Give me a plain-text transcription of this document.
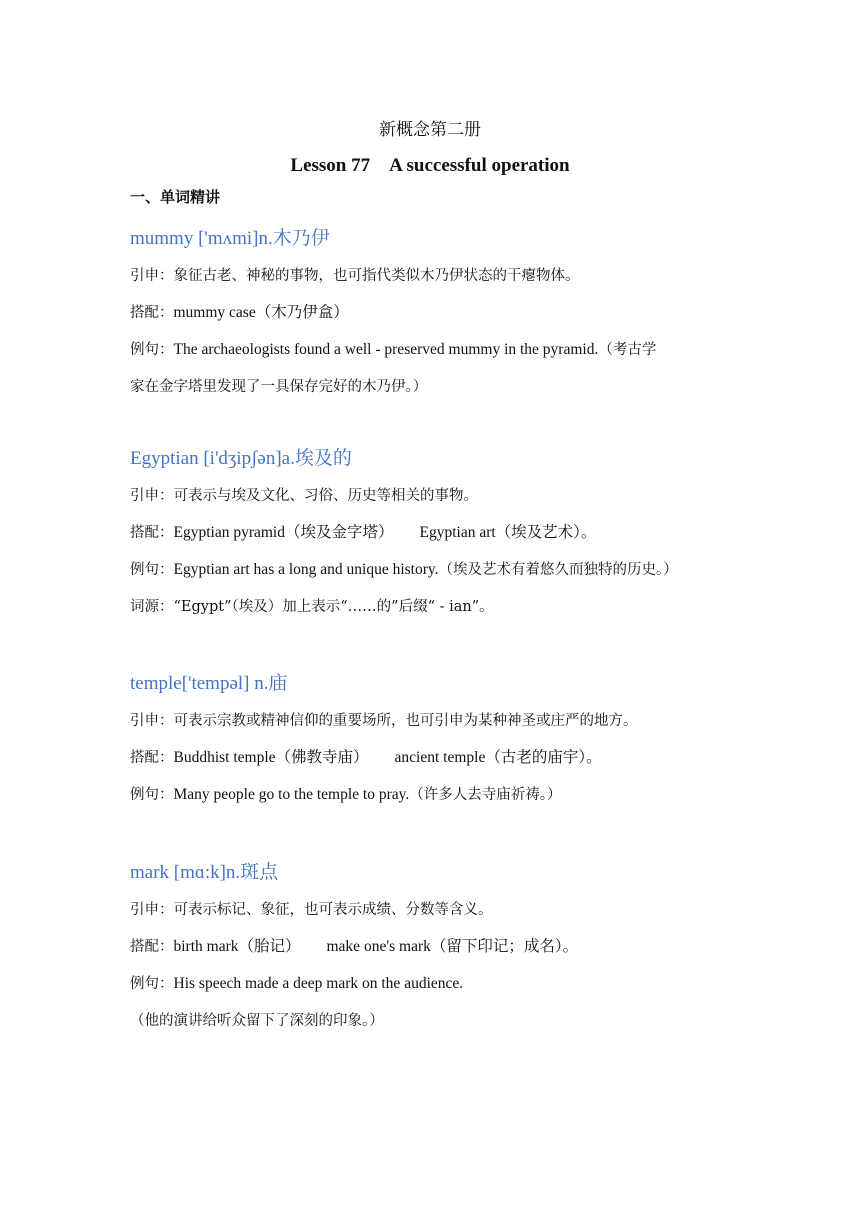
新概念第二册
Lesson 77　A successful operation
一、单词精讲
mummy ['mʌmi]n.木乃伊
引申：象征古老、神秘的事物，也可指代类似木乃伊状态的干瘪物体。
搭配：mummy case（木乃伊盒）
例句：The archaeologists found a well - preserved mummy in the pyramid.（考古学
家在金字塔里发现了一具保存完好的木乃伊。）
Egyptian [i'dʒipʃən]a.埃及的
引申：可表示与埃及文化、习俗、历史等相关的事物。
搭配：Egyptian pyramid（埃及金字塔） Egyptian art（埃及艺术）。
例句：Egyptian art has a long and unique history.（埃及艺术有着悠久而独特的历史。）
词源：“Egypt”（埃及）加上表示“……的”后缀“ - ian”。
temple['tempəl] n.庙
引申：可表示宗教或精神信仰的重要场所，也可引申为某种神圣或庄严的地方。
搭配：Buddhist temple（佛教寺庙） ancient temple（古老的庙宇）。
例句：Many people go to the temple to pray.（许多人去寺庙祈祷。）
mark [mɑ:k]n.斑点
引申：可表示标记、象征，也可表示成绩、分数等含义。
搭配：birth mark（胎记） make one's mark（留下印记；成名）。
例句：His speech made a deep mark on the audience.
（他的演讲给听众留下了深刻的印象。）
